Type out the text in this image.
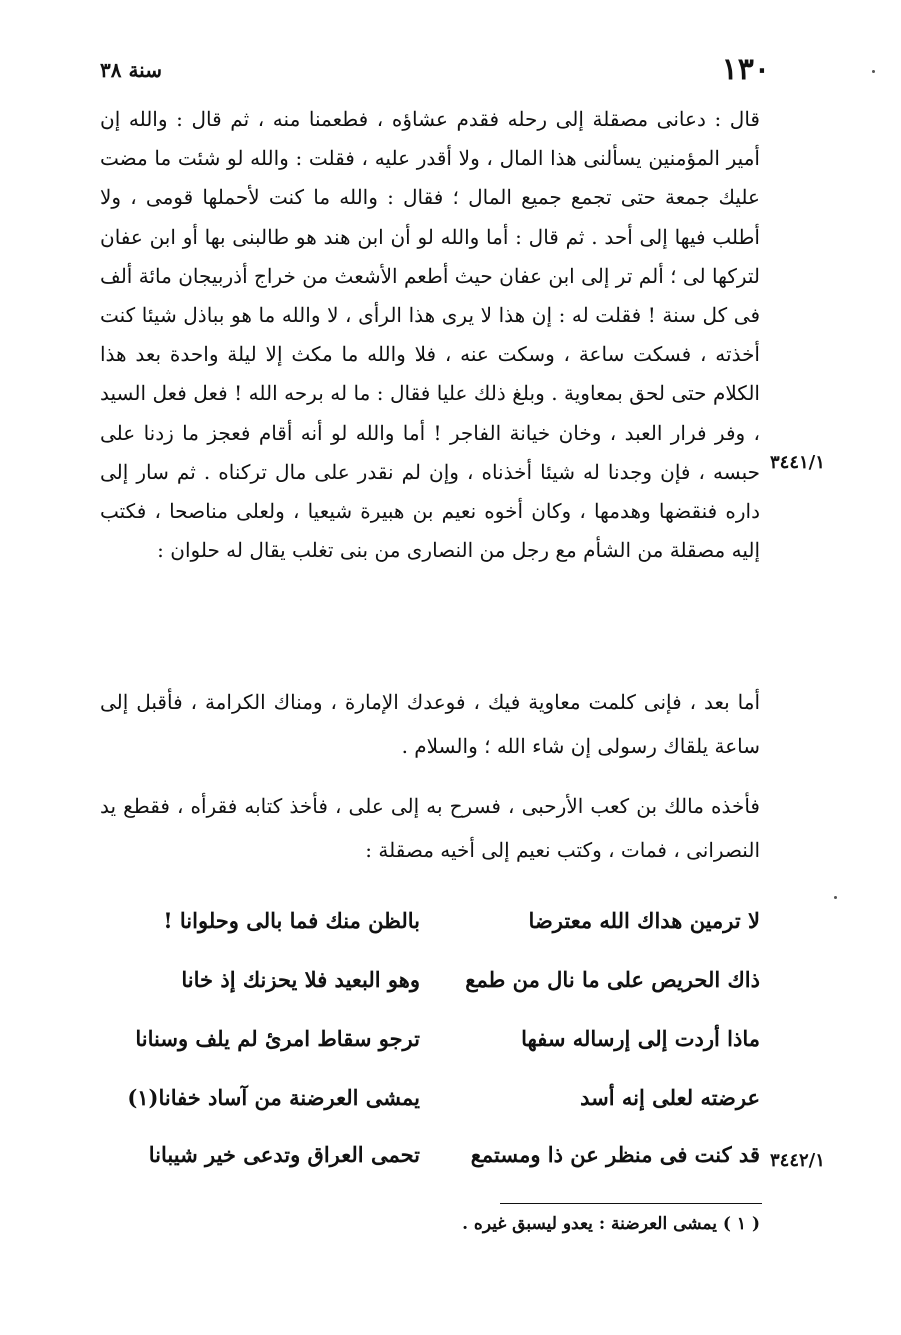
١٣٠
سنة ٣٨

قال : دعانى مصقلة إلى رحله فقدم عشاؤه ، فطعمنا منه ، ثم قال : والله إن أمير المؤمنين يسألنى هذا المال ، ولا أقدر عليه ، فقلت : والله لو شئت ما مضت عليك جمعة حتى تجمع جميع المال ؛ فقال : والله ما كنت لأحملها قومى ، ولا أطلب فيها إلى أحد . ثم قال : أما والله لو أن ابن هند هو طالبنى بها أو ابن عفان لتركها لى ؛ ألم تر إلى ابن عفان حيث أطعم الأشعث من خراج أذربيجان مائة ألف فى كل سنة ! فقلت له : إن هذا لا يرى هذا الرأى ، لا والله ما هو بباذل شيئا كنت أخذته ، فسكت ساعة ، وسكت عنه ، فلا والله ما مكث إلا ليلة واحدة بعد هذا الكلام حتى لحق بمعاوية . وبلغ ذلك عليا فقال : ما له برحه الله ! فعل فعل السيد ، وفر فرار العبد ، وخان خيانة الفاجر ! أما والله لو أنه أقام فعجز ما زدنا على حبسه ، فإن وجدنا له شيئا أخذناه ، وإن لم نقدر على مال تركناه . ثم سار إلى داره فنقضها وهدمها ، وكان أخوه نعيم بن هبيرة شيعيا ، ولعلى مناصحا ، فكتب إليه مصقلة من الشأم مع رجل من النصارى من بنى تغلب يقال له حلوان :

٣٤٤١/١

أما بعد ، فإنى كلمت معاوية فيك ، فوعدك الإمارة ، ومناك الكرامة ، فأقبل إلى ساعة يلقاك رسولى إن شاء الله ؛ والسلام .

فأخذه مالك بن كعب الأرحبى ، فسرح به إلى على ، فأخذ كتابه فقرأه ، فقطع يد النصرانى ، فمات ، وكتب نعيم إلى أخيه مصقلة :

لا ترمين هداك الله معترضا
بالظن منك فما بالى وحلوانا !
ذاك الحريص على ما نال من طمع
وهو البعيد فلا يحزنك إذ خانا
ماذا أردت إلى إرساله سفها
ترجو سقاط امرئ لم يلف وسنانا
عرضته لعلى إنه أسد
يمشى العرضنة من آساد خفانا(١)
قد كنت فى منظر عن ذا ومستمع
تحمى العراق وتدعى خير شيبانا	٣٤٤٢/١
( ١ ) يمشى العرضنة : يعدو ليسبق غيره .
